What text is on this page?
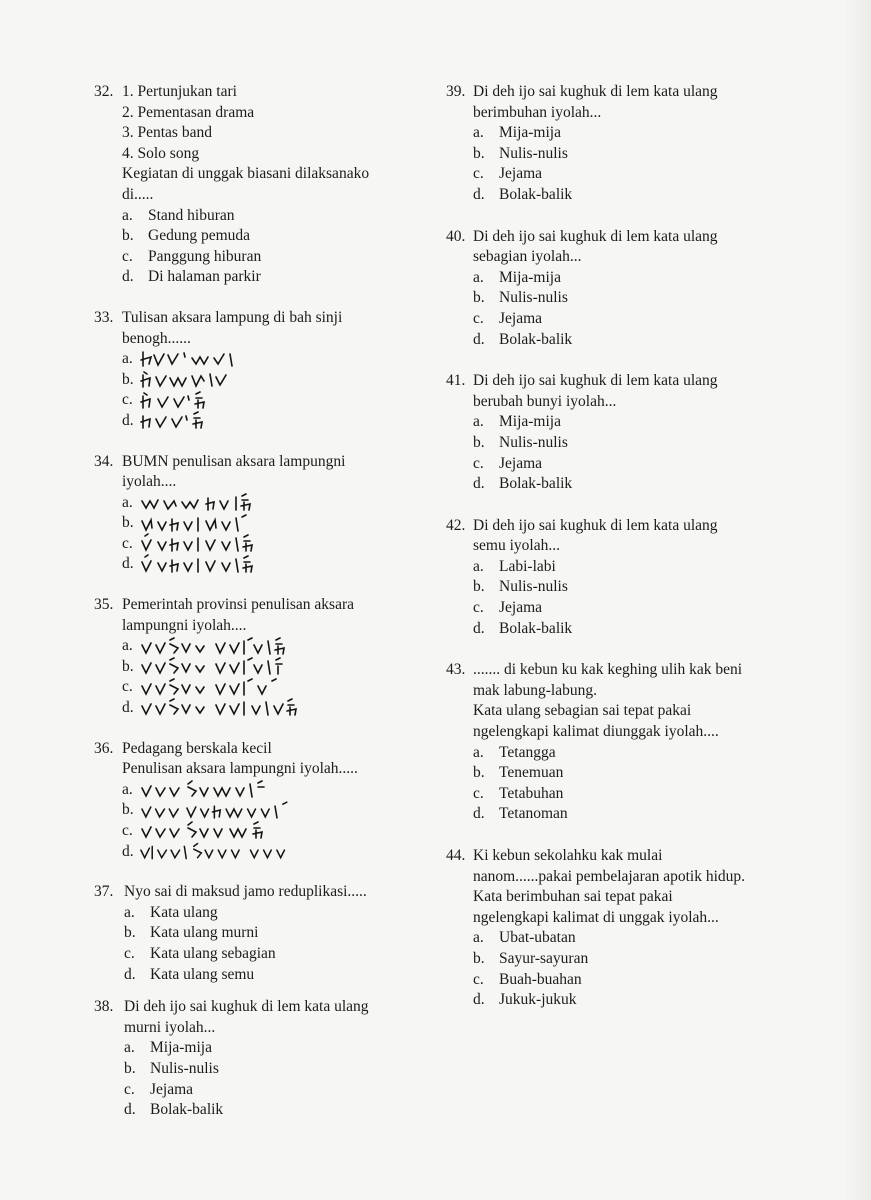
32. 1. Pertunjukan tari
2. Pementasan drama
3. Pentas band
4. Solo song
Kegiatan di unggak biasani dilaksanako di.....
a. Stand hiburan
b. Gedung pemuda
c. Panggung hiburan
d. Di halaman parkir
33. Tulisan aksara lampung di bah sinji benogh......
a.
b.
c.
d.
34. BUMN penulisan aksara lampungni iyolah....
a.
b.
c.
d.
35. Pemerintah provinsi penulisan aksara lampungni iyolah....
a.
b.
c.
d.
36. Pedagang berskala kecil
Penulisan aksara lampungni iyolah.....
a.
b.
c.
d.
37. Nyo sai di maksud jamo reduplikasi.....
a. Kata ulang
b. Kata ulang murni
c. Kata ulang sebagian
d. Kata ulang semu
38. Di deh ijo sai kughuk di lem kata ulang murni iyolah...
a. Mija-mija
b. Nulis-nulis
c. Jejama
d. Bolak-balik
39. Di deh ijo sai kughuk di lem kata ulang berimbuhan iyolah...
a. Mija-mija
b. Nulis-nulis
c. Jejama
d. Bolak-balik
40. Di deh ijo sai kughuk di lem kata ulang sebagian iyolah...
a. Mija-mija
b. Nulis-nulis
c. Jejama
d. Bolak-balik
41. Di deh ijo sai kughuk di lem kata ulang berubah bunyi iyolah...
a. Mija-mija
b. Nulis-nulis
c. Jejama
d. Bolak-balik
42. Di deh ijo sai kughuk di lem kata ulang semu iyolah...
a. Labi-labi
b. Nulis-nulis
c. Jejama
d. Bolak-balik
43. ....... di kebun ku kak keghing ulih kak beni mak labung-labung.
Kata ulang sebagian sai tepat pakai ngelengkapi kalimat diunggak iyolah....
a. Tetangga
b. Tenemuan
c. Tetabuhan
d. Tetanoman
44. Ki kebun sekolahku kak mulai nanom......pakai pembelajaran apotik hidup.
Kata berimbuhan sai tepat pakai ngelengkapi kalimat di unggak iyolah...
a. Ubat-ubatan
b. Sayur-sayuran
c. Buah-buahan
d. Jukuk-jukuk
